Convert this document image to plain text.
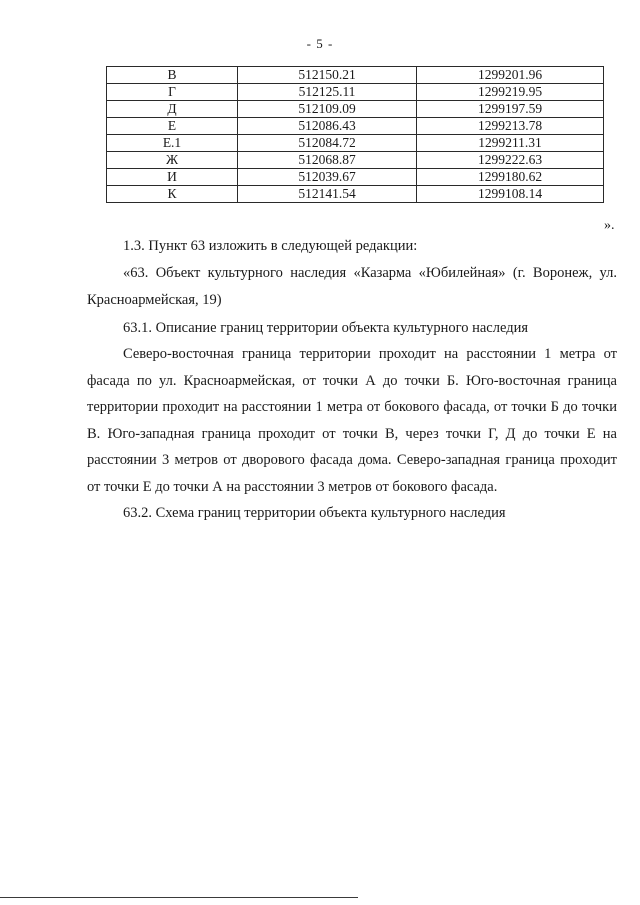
- 5 -
В	512150.21	1299201.96
Г	512125.11	1299219.95
Д	512109.09	1299197.59
Е	512086.43	1299213.78
Е.1	512084.72	1299211.31
Ж	512068.87	1299222.63
И	512039.67	1299180.62
К	512141.54	1299108.14
».

1.3. Пункт 63 изложить в следующей редакции:

«63. Объект культурного наследия «Казарма «Юбилейная» (г. Воронеж, ул. Красноармейская, 19)

63.1. Описание границ территории объекта культурного наследия

Северо-восточная граница территории проходит на расстоянии 1 метра от фасада по ул. Красноармейская, от точки А до точки Б. Юго-восточная граница территории проходит на расстоянии 1 метра от бокового фасада, от точки Б до точки В. Юго-западная граница проходит от точки В, через точки Г, Д до точки Е на расстоянии 3 метров от дворового фасада дома. Северо-западная граница проходит от точки Е до точки А на расстоянии 3 метров от бокового фасада.

63.2. Схема границ территории объекта культурного наследия
